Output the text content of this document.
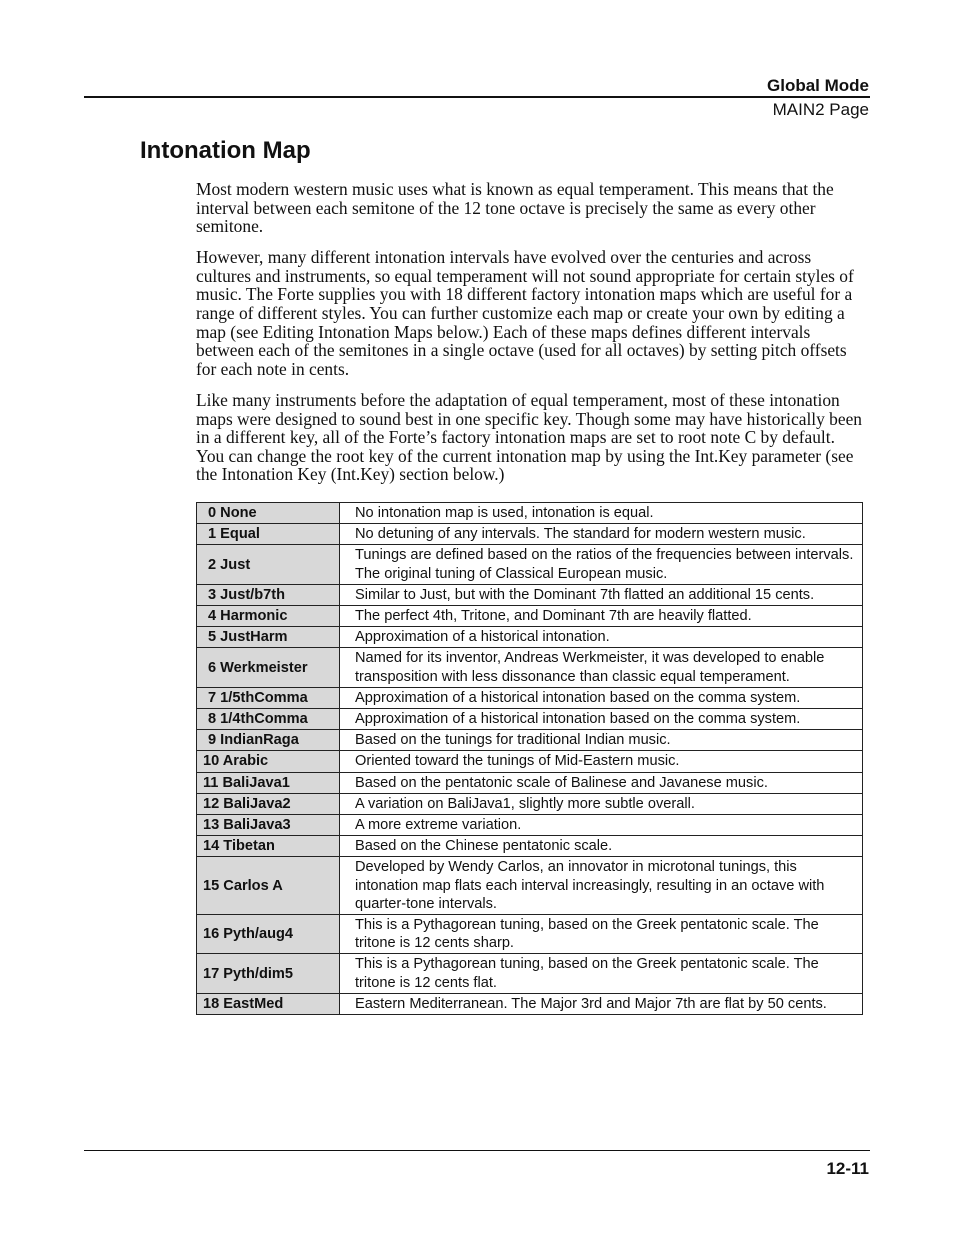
Global Mode
MAIN2 Page
Intonation Map

Most modern western music uses what is known as equal temperament. This means that the interval between each semitone of the 12 tone octave is precisely the same as every other semitone.

However, many different intonation intervals have evolved over the centuries and across cultures and instruments, so equal temperament will not sound appropriate for certain styles of music. The Forte supplies you with 18 different factory intonation maps which are useful for a range of different styles. You can further customize each map or create your own by editing a map (see Editing Intonation Maps below.) Each of these maps defines different intervals between each of the semitones in a single octave (used for all octaves) by setting pitch offsets for each note in cents.

Like many instruments before the adaptation of equal temperament, most of these intonation maps were designed to sound best in one specific key. Though some may have historically been in a different key, all of the Forte’s factory intonation maps are set to root note C by default. You can change the root key of the current intonation map by using the Int.Key parameter (see the Intonation Key (Int.Key) section below.)

0 None	No intonation map is used, intonation is equal.
1 Equal	No detuning of any intervals. The standard for modern western music.
2 Just	Tunings are defined based on the ratios of the frequencies between intervals. The original tuning of Classical European music.
3 Just/b7th	Similar to Just, but with the Dominant 7th flatted an additional 15 cents.
4 Harmonic	The perfect 4th, Tritone, and Dominant 7th are heavily flatted.
5 JustHarm	Approximation of a historical intonation.
6 Werkmeister	Named for its inventor, Andreas Werkmeister, it was developed to enable transposition with less dissonance than classic equal temperament.
7 1/5thComma	Approximation of a historical intonation based on the comma system.
8 1/4thComma	Approximation of a historical intonation based on the comma system.
9 IndianRaga	Based on the tunings for traditional Indian music.
10 Arabic	Oriented toward the tunings of Mid-Eastern music.
11 BaliJava1	Based on the pentatonic scale of Balinese and Javanese music.
12 BaliJava2	A variation on BaliJava1, slightly more subtle overall.
13 BaliJava3	A more extreme variation.
14 Tibetan	Based on the Chinese pentatonic scale.
15 Carlos A	Developed by Wendy Carlos, an innovator in microtonal tunings, this intonation map flats each interval increasingly, resulting in an octave with quarter-tone intervals.
16 Pyth/aug4	This is a Pythagorean tuning, based on the Greek pentatonic scale. The tritone is 12 cents sharp.
17 Pyth/dim5	This is a Pythagorean tuning, based on the Greek pentatonic scale. The tritone is 12 cents flat.
18 EastMed	Eastern Mediterranean. The Major 3rd and Major 7th are flat by 50 cents.
12-11
